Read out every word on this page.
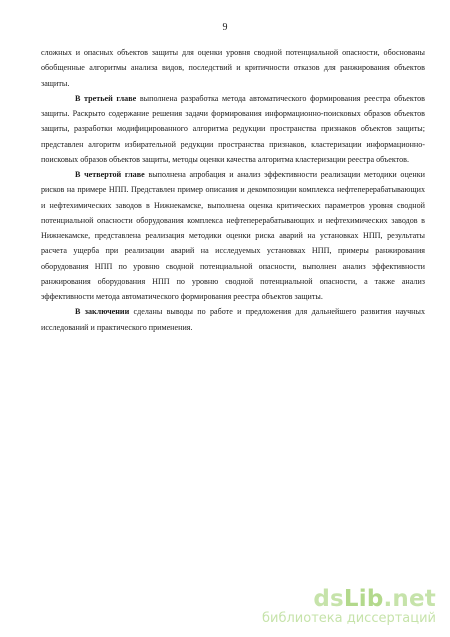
9

сложных и опасных объектов защиты для оценки уровня сводной потенциальной опасности, обоснованы обобщенные алгоритмы анализа видов, последствий и критичности отказов для ранжирования объектов защиты.

В третьей главе выполнена разработка метода автоматического формирования реестра объектов защиты. Раскрыто содержание решения задачи формирования информационно-поисковых образов объектов защиты, разработки модифицированного алгоритма редукции пространства признаков объектов защиты; представлен алгоритм избирательной редукции пространства признаков, кластеризации информационно-поисковых образов объектов защиты, методы оценки качества алгоритма кластеризации реестра объектов.

В четвертой главе выполнена апробация и анализ эффективности реализации методики оценки рисков на примере НПП. Представлен пример описания и декомпозиции комплекса нефтеперерабатывающих и нефтехимических заводов в Нижнекамске, выполнена оценка критических параметров уровня сводной потенциальной опасности оборудования комплекса нефтеперерабатывающих и нефтехимических заводов в Нижнекамске, представлена реализация методики оценки риска аварий на установках НПП, результаты расчета ущерба при реализации аварий на исследуемых установках НПП, примеры ранжирования оборудования НПП по уровню сводной потенциальной опасности, выполнен анализ эффективности ранжирования оборудования НПП по уровню сводной потенциальной опасности, а также анализ эффективности метода автоматического формирования реестра объектов защиты.

В заключении сделаны выводы по работе и предложения для дальнейшего развития научных исследований и практического применения.

dsLib.net
библиотека диссертаций
